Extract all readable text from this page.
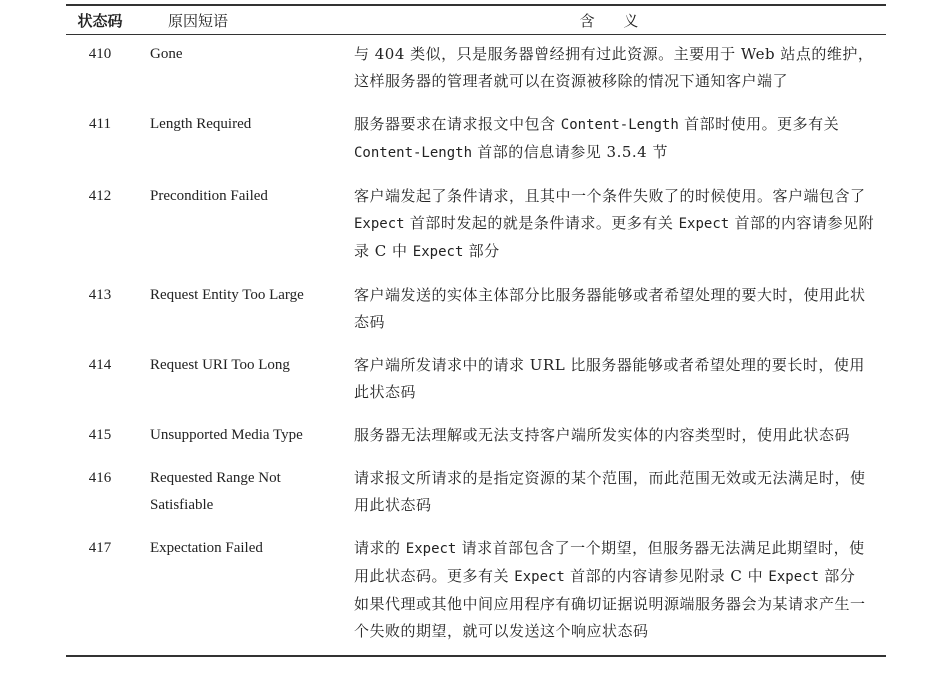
状态码	原因短语	含 义
410	Gone	与 404 类似，只是服务器曾经拥有过此资源。主要用于 Web 站点的维护，这样服务器的管理者就可以在资源被移除的情况下通知客户端了
411	Length Required	服务器要求在请求报文中包含 Content-Length 首部时使用。更多有关 Content-Length 首部的信息请参见 3.5.4 节
412	Precondition Failed	客户端发起了条件请求，且其中一个条件失败了的时候使用。客户端包含了 Expect 首部时发起的就是条件请求。更多有关 Expect 首部的内容请参见附录 C 中 Expect 部分
413	Request Entity Too Large	客户端发送的实体主体部分比服务器能够或者希望处理的要大时，使用此状态码
414	Request URI Too Long	客户端所发请求中的请求 URL 比服务器能够或者希望处理的要长时，使用此状态码
415	Unsupported Media Type	服务器无法理解或无法支持客户端所发实体的内容类型时，使用此状态码
416	Requested Range Not Satisfiable	请求报文所请求的是指定资源的某个范围，而此范围无效或无法满足时，使用此状态码
417	Expectation Failed	请求的 Expect 请求首部包含了一个期望，但服务器无法满足此期望时，使用此状态码。更多有关 Expect 首部的内容请参见附录 C 中 Expect 部分
如果代理或其他中间应用程序有确切证据说明源端服务器会为某请求产生一个失败的期望，就可以发送这个响应状态码
